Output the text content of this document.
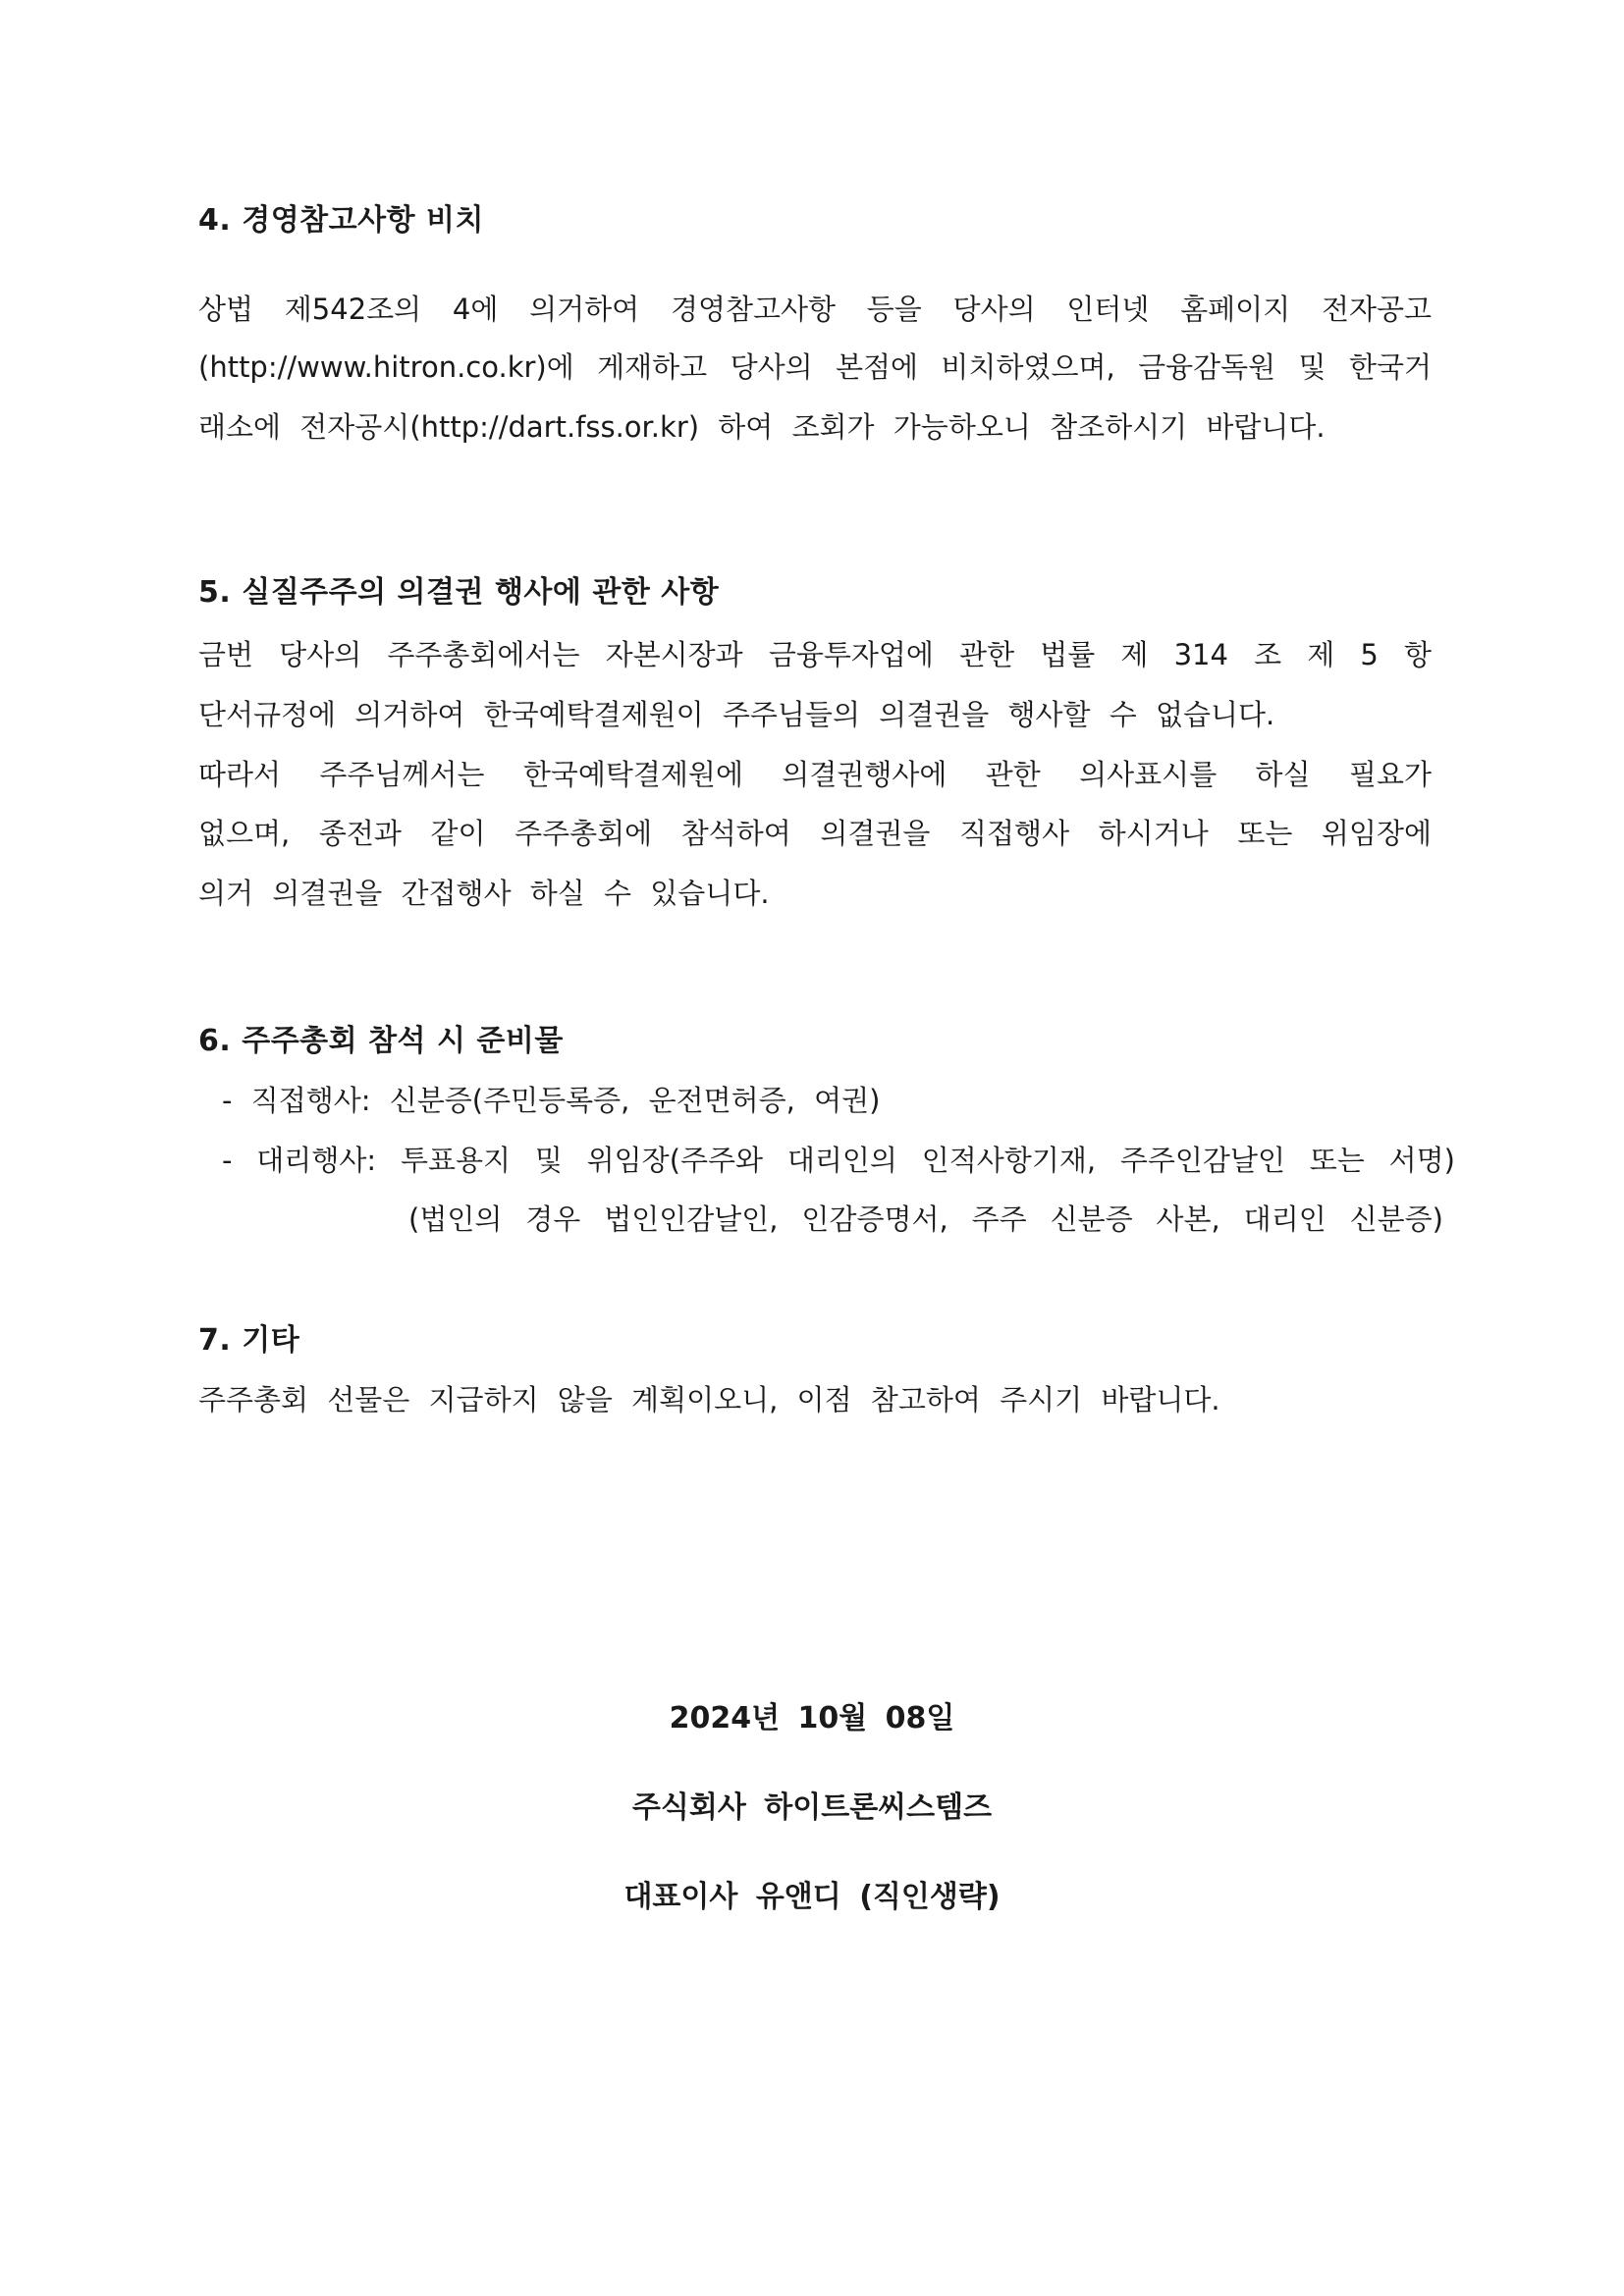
4. 경영참고사항 비치
상법 제542조의 4에 의거하여 경영참고사항 등을 당사의 인터넷 홈페이지 전자공고
(http://www.hitron.co.kr)에 게재하고 당사의 본점에 비치하였으며, 금융감독원 및 한국거
래소에 전자공시(http://dart.fss.or.kr) 하여 조회가 가능하오니 참조하시기 바랍니다.
5. 실질주주의 의결권 행사에 관한 사항
금번 당사의 주주총회에서는 자본시장과 금융투자업에 관한 법률 제 314 조 제 5 항
단서규정에 의거하여 한국예탁결제원이 주주님들의 의결권을 행사할 수 없습니다.
따라서 주주님께서는 한국예탁결제원에 의결권행사에 관한 의사표시를 하실 필요가
없으며, 종전과 같이 주주총회에 참석하여 의결권을 직접행사 하시거나 또는 위임장에
의거 의결권을 간접행사 하실 수 있습니다.
6. 주주총회 참석 시 준비물
- 직접행사: 신분증(주민등록증, 운전면허증, 여권)
- 대리행사: 투표용지 및 위임장(주주와 대리인의 인적사항기재, 주주인감날인 또는 서명)
(법인의 경우 법인인감날인, 인감증명서, 주주 신분증 사본, 대리인 신분증)
7. 기타
주주총회 선물은 지급하지 않을 계획이오니, 이점 참고하여 주시기 바랍니다.
2024년 10월 08일
주식회사 하이트론씨스템즈
대표이사 유앤디 (직인생략)
